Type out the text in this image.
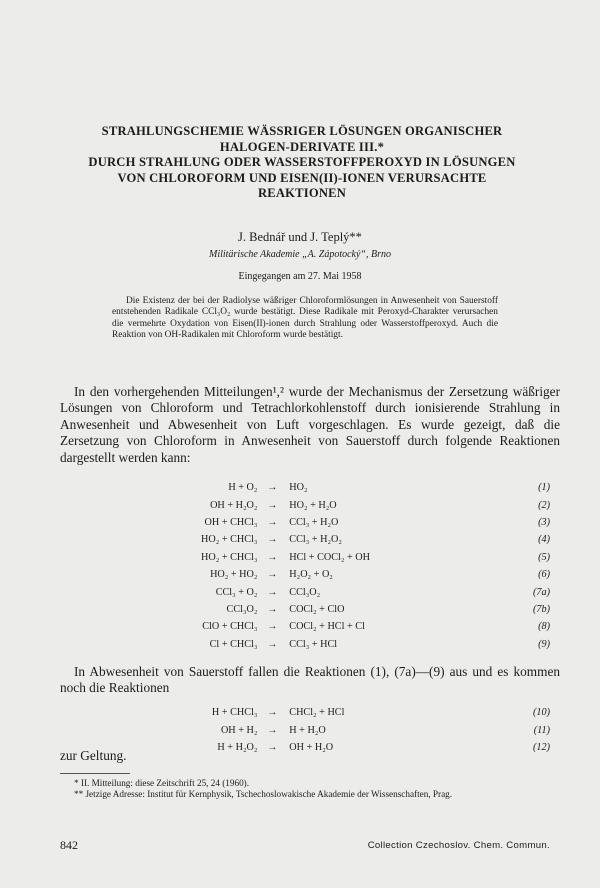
STRAHLUNGSCHEMIE WÄSSRIGER LÖSUNGEN ORGANISCHER
HALOGEN-DERIVATE III.*
DURCH STRAHLUNG ODER WASSERSTOFFPEROXYD IN LÖSUNGEN
VON CHLOROFORM UND EISEN(II)-IONEN VERURSACHTE
REAKTIONEN
J. Bednář und J. Teplý**
Militärische Akademie „A. Zápotocký“, Brno
Eingegangen am 27. Mai 1958

Die Existenz der bei der Radiolyse wäßriger Chloroformlösungen in Anwesenheit von Sauerstoff entstehenden Radikale CCl₃O₂ wurde bestätigt. Diese Radikale mit Peroxyd-Charakter verursachen die vermehrte Oxydation von Eisen(II)-ionen durch Strahlung oder Wasserstoffperoxyd. Auch die Reaktion von OH-Radikalen mit Chloroform wurde bestätigt.

In den vorhergehenden Mitteilungen¹,² wurde der Mechanismus der Zersetzung wäßriger Lösungen von Chloroform und Tetrachlorkohlenstoff durch ionisierende Strahlung in Anwesenheit und Abwesenheit von Luft vorgeschlagen. Es wurde gezeigt, daß die Zersetzung von Chloroform in Anwesenheit von Sauerstoff durch folgende Reaktionen dargestellt werden kann:

H + O₂	→	HO₂	(1)
OH + H₂O₂	→	HO₂ + H₂O	(2)
OH + CHCl₃	→	CCl₃ + H₂O	(3)
HO₂ + CHCl₃	→	CCl₃ + H₂O₂	(4)
HO₂ + CHCl₃	→	HCl + COCl₂ + OH	(5)
HO₂ + HO₂	→	H₂O₂ + O₂	(6)
CCl₃ + O₂	→	CCl₃O₂	(7a)
CCl₃O₂	→	COCl₂ + ClO	(7b)
ClO + CHCl₃	→	COCl₂ + HCl + Cl	(8)
Cl + CHCl₃	→	CCl₃ + HCl	(9)

In Abwesenheit von Sauerstoff fallen die Reaktionen (1), (7a)—(9) aus und es kommen noch die Reaktionen

H + CHCl₃	→	CHCl₂ + HCl	(10)
OH + H₂	→	H + H₂O	(11)
H + H₂O₂	→	OH + H₂O	(12)
zur Geltung.

* II. Mitteilung: diese Zeitschrift 25, 24 (1960).

** Jetzige Adresse: Institut für Kernphysik, Tschechoslowakische Akademie der Wissenschaften, Prag.

842	Collection Czechoslov. Chem. Commun.
